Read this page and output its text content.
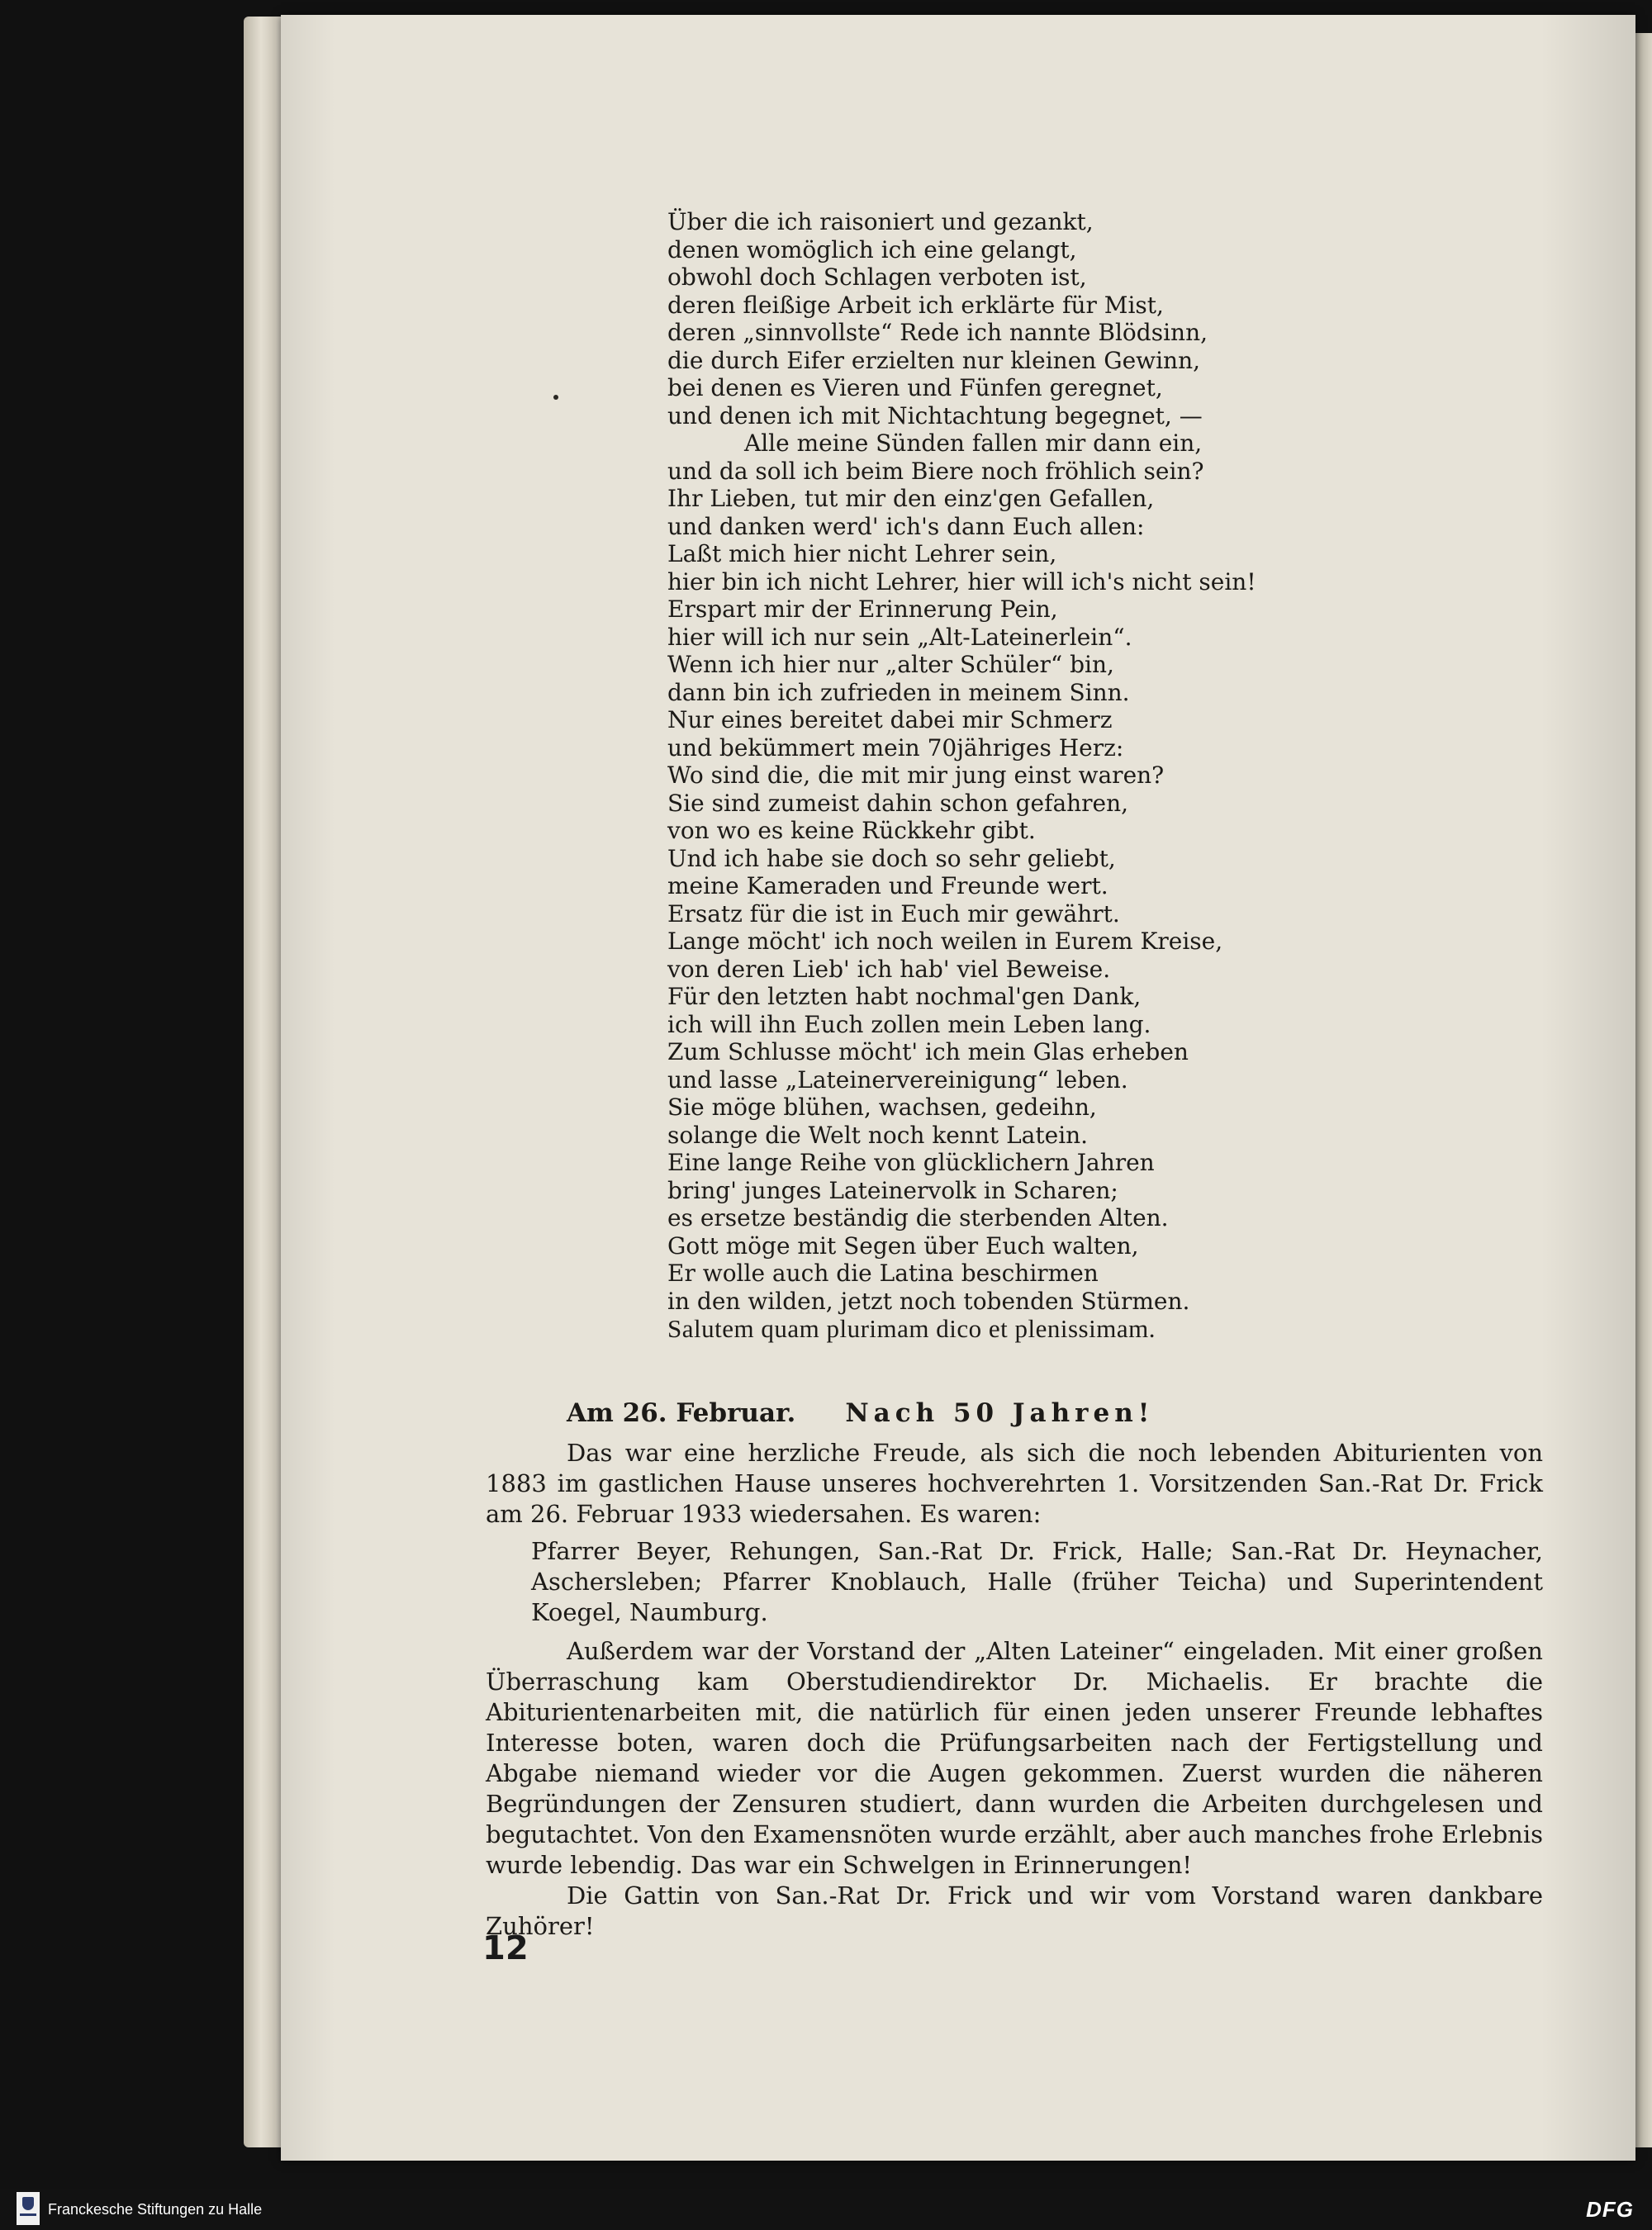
Über die ich raisoniert und gezankt,
denen womöglich ich eine gelangt,
obwohl doch Schlagen verboten ist,
deren fleißige Arbeit ich erklärte für Mist,
deren „sinnvollste“ Rede ich nannte Blödsinn,
die durch Eifer erzielten nur kleinen Gewinn,
bei denen es Vieren und Fünfen geregnet,
und denen ich mit Nichtachtung begegnet, —
Alle meine Sünden fallen mir dann ein,
und da soll ich beim Biere noch fröhlich sein?
Ihr Lieben, tut mir den einz'gen Gefallen,
und danken werd' ich's dann Euch allen:
Laßt mich hier nicht Lehrer sein,
hier bin ich nicht Lehrer, hier will ich's nicht sein!
Erspart mir der Erinnerung Pein,
hier will ich nur sein „Alt-Lateinerlein“.
Wenn ich hier nur „alter Schüler“ bin,
dann bin ich zufrieden in meinem Sinn.
Nur eines bereitet dabei mir Schmerz
und bekümmert mein 70jähriges Herz:
Wo sind die, die mit mir jung einst waren?
Sie sind zumeist dahin schon gefahren,
von wo es keine Rückkehr gibt.
Und ich habe sie doch so sehr geliebt,
meine Kameraden und Freunde wert.
Ersatz für die ist in Euch mir gewährt.
Lange möcht' ich noch weilen in Eurem Kreise,
von deren Lieb' ich hab' viel Beweise.
Für den letzten habt nochmal'gen Dank,
ich will ihn Euch zollen mein Leben lang.
Zum Schlusse möcht' ich mein Glas erheben
und lasse „Lateinervereinigung“ leben.
Sie möge blühen, wachsen, gedeihn,
solange die Welt noch kennt Latein.
Eine lange Reihe von glücklichern Jahren
bring' junges Lateinervolk in Scharen;
es ersetze beständig die sterbenden Alten.
Gott möge mit Segen über Euch walten,
Er wolle auch die Latina beschirmen
in den wilden, jetzt noch tobenden Stürmen.
Salutem quam plurimam dico et plenissimam.
Am 26. Februar. Nach 50 Jahren!

Das war eine herzliche Freude, als sich die noch lebenden Abiturienten von 1883 im gastlichen Hause unseres hochverehrten 1. Vorsitzenden San.-Rat Dr. Frick am 26. Februar 1933 wiedersahen. Es waren:

Pfarrer Beyer, Rehungen, San.-Rat Dr. Frick, Halle; San.-Rat Dr. Heynacher, Aschersleben; Pfarrer Knoblauch, Halle (früher Teicha) und Superintendent Koegel, Naumburg.

Außerdem war der Vorstand der „Alten Lateiner“ eingeladen. Mit einer großen Überraschung kam Oberstudiendirektor Dr. Michaelis. Er brachte die Abiturientenarbeiten mit, die natürlich für einen jeden unserer Freunde lebhaftes Interesse boten, waren doch die Prüfungsarbeiten nach der Fertigstellung und Abgabe niemand wieder vor die Augen gekommen. Zuerst wurden die näheren Begründungen der Zensuren studiert, dann wurden die Arbeiten durchgelesen und begutachtet. Von den Examensnöten wurde erzählt, aber auch manches frohe Erlebnis wurde lebendig. Das war ein Schwelgen in Erinnerungen!

Die Gattin von San.-Rat Dr. Frick und wir vom Vorstand waren dankbare Zuhörer!

12
Franckesche Stiftungen zu Halle	DFG
